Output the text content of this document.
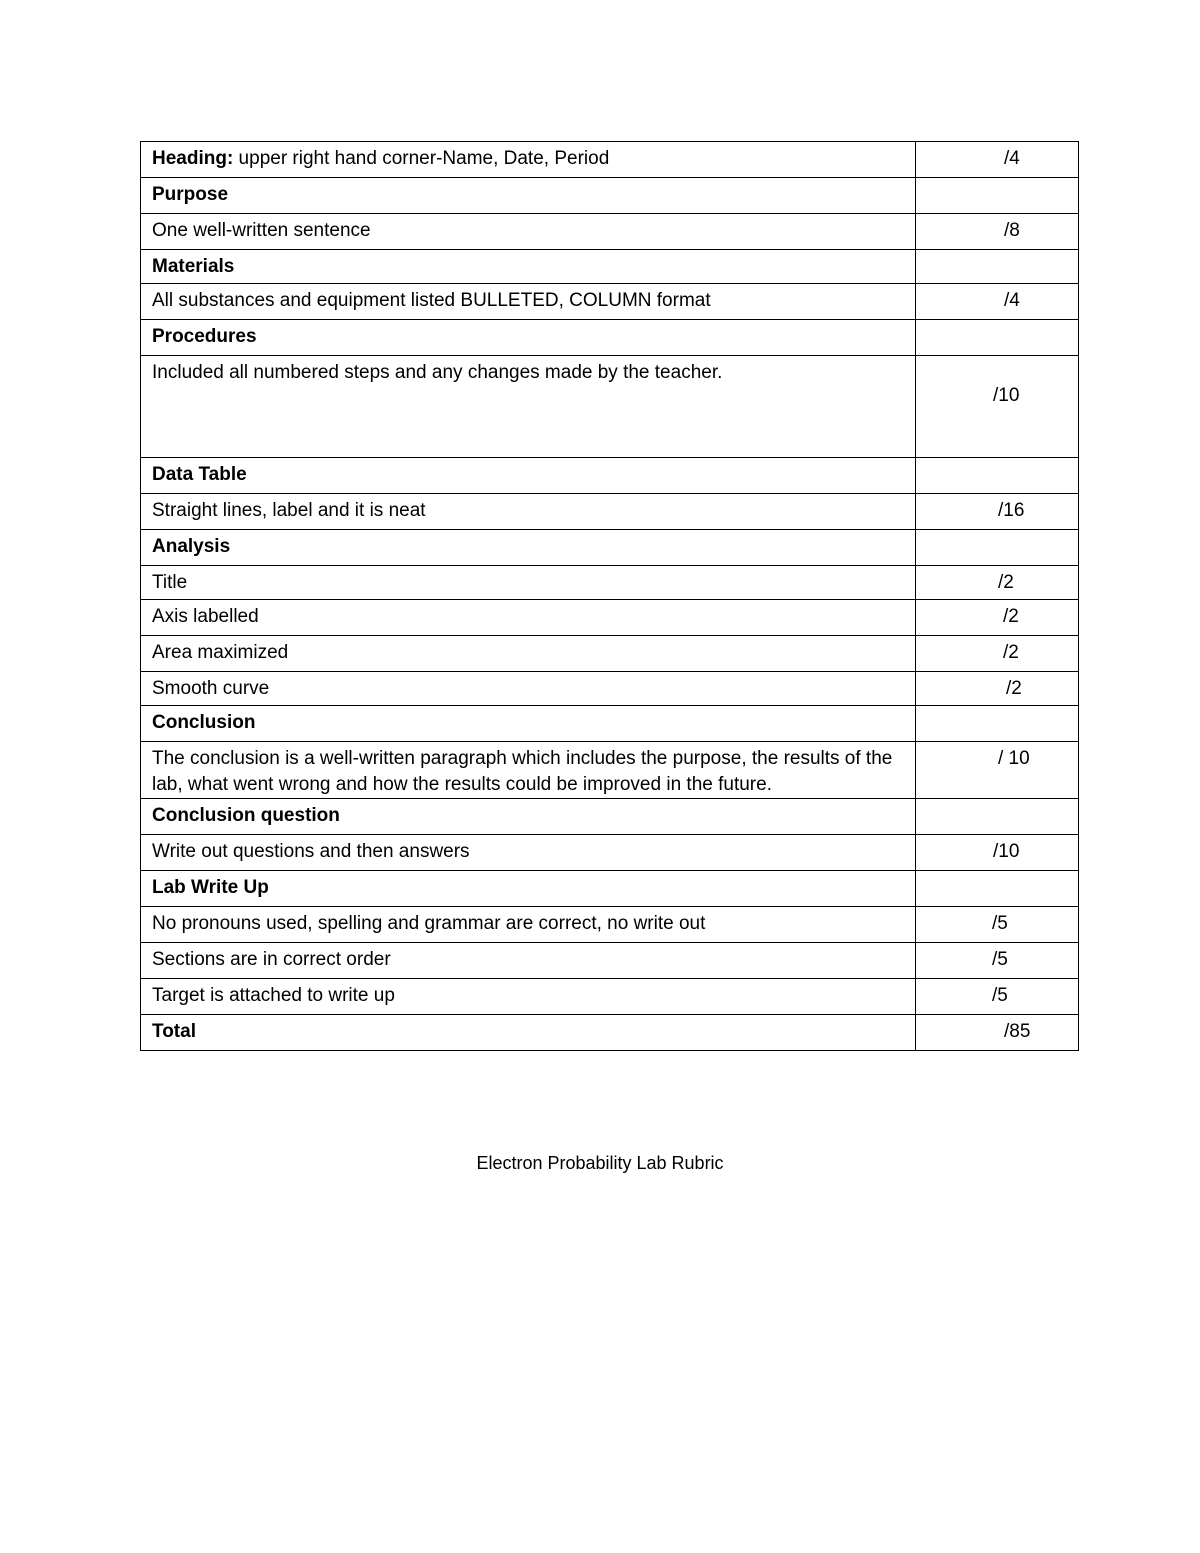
Heading: upper right hand corner-Name, Date, Period	/4
Purpose	
One well-written sentence	/8
Materials	
All substances and equipment listed BULLETED, COLUMN format	/4
Procedures	
Included all numbered steps and any changes made by the teacher.	/10
Data Table	
Straight lines, label and it is neat	/16
Analysis	
Title	/2
Axis labelled	/2
Area maximized	/2
Smooth curve	/2
Conclusion	
The conclusion is a well-written paragraph which includes the purpose, the results of the lab, what went wrong and how the results could be improved in the future.	/ 10
Conclusion question	
Write out questions and then answers	/10
Lab Write Up	
No pronouns used, spelling and grammar are correct, no write out	/5
Sections are in correct order	/5
Target is attached to write up	/5
Total	/85
Electron Probability Lab Rubric
